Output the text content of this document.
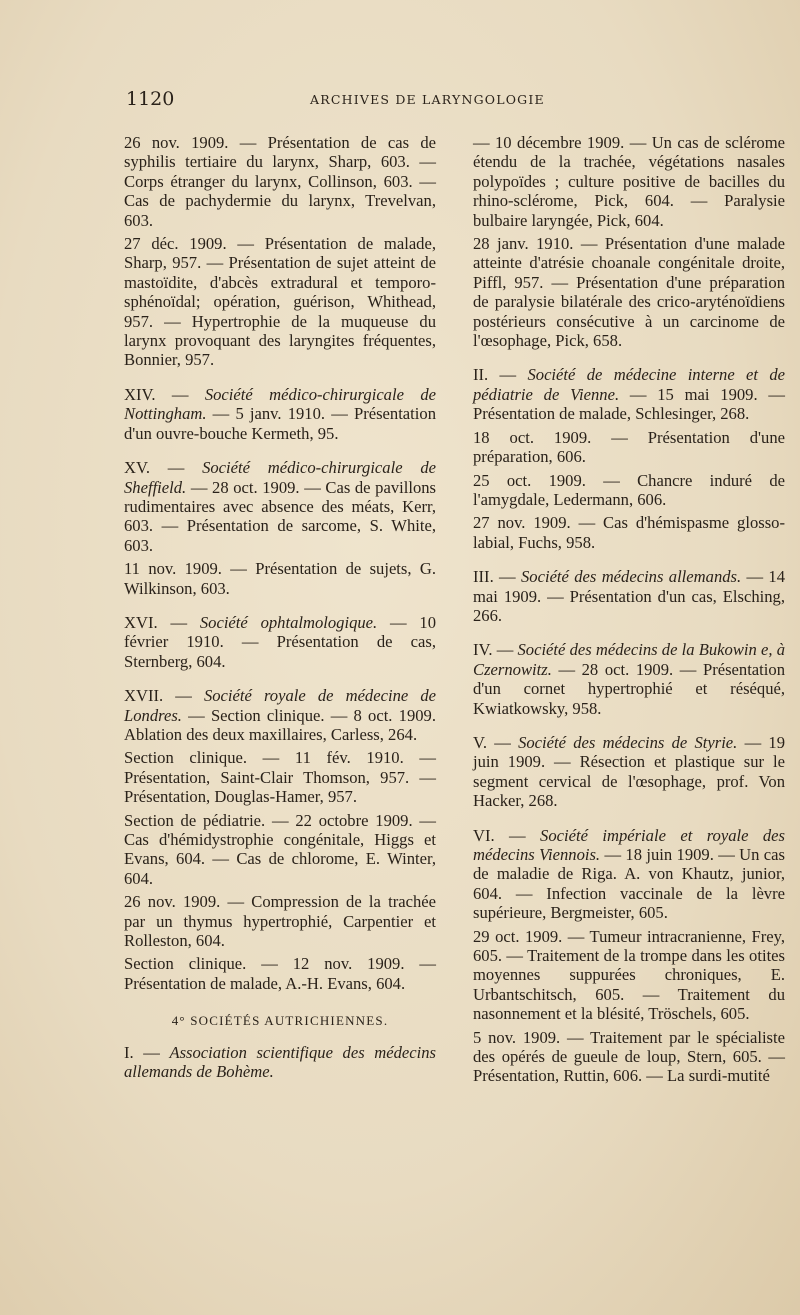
1120	ARCHIVES DE LARYNGOLOGIE

26 nov. 1909. — Présentation de cas de syphilis tertiaire du larynx, Sharp, 603. — Corps étranger du larynx, Collinson, 603. — Cas de pachydermie du larynx, Trevelvan, 603.

27 déc. 1909. — Présentation de malade, Sharp, 957. — Présentation de sujet atteint de mastoïdite, d'abcès extradural et temporo-sphénoïdal; opération, guérison, Whithead, 957. — Hypertrophie de la muqueuse du larynx provoquant des laryngites fréquentes, Bonnier, 957.

XIV. — Société médico-chirurgicale de Nottingham. — 5 janv. 1910. — Présentation d'un ouvre-bouche Kermeth, 95.

XV. — Société médico-chirurgicale de Sheffield. — 28 oct. 1909. — Cas de pavillons rudimentaires avec absence des méats, Kerr, 603. — Présentation de sarcome, S. White, 603.

11 nov. 1909. — Présentation de sujets, G. Wilkinson, 603.

XVI. — Société ophtalmologique. — 10 février 1910. — Présentation de cas, Sternberg, 604.

XVII. — Société royale de médecine de Londres. — Section clinique. — 8 oct. 1909. Ablation des deux maxillaires, Carless, 264.

Section clinique. — 11 fév. 1910. — Présentation, Saint-Clair Thomson, 957. — Présentation, Douglas-Hamer, 957.

Section de pédiatrie. — 22 octobre 1909. — Cas d'hémidystrophie congénitale, Higgs et Evans, 604. — Cas de chlorome, E. Winter, 604.

26 nov. 1909. — Compression de la trachée par un thymus hypertrophié, Carpentier et Rolleston, 604.

Section clinique. — 12 nov. 1909. — Présentation de malade, A.-H. Evans, 604.

4° SOCIÉTÉS AUTRICHIENNES.

I. — Association scientifique des médecins allemands de Bohème.

— 10 décembre 1909. — Un cas de sclérome étendu de la trachée, végétations nasales polypoïdes ; culture positive de bacilles du rhino-sclérome, Pick, 604. — Paralysie bulbaire laryngée, Pick, 604.

28 janv. 1910. — Présentation d'une malade atteinte d'atrésie choanale congénitale droite, Piffl, 957. — Présentation d'une préparation de paralysie bilatérale des crico-aryténoïdiens postérieurs consécutive à un carcinome de l'œsophage, Pick, 658.

II. — Société de médecine interne et de pédiatrie de Vienne. — 15 mai 1909. — Présentation de malade, Schlesinger, 268.

18 oct. 1909. — Présentation d'une préparation, 606.

25 oct. 1909. — Chancre induré de l'amygdale, Ledermann, 606.

27 nov. 1909. — Cas d'hémispasme glosso-labial, Fuchs, 958.

III. — Société des médecins allemands. — 14 mai 1909. — Présentation d'un cas, Elsching, 266.

IV. — Société des médecins de la Bukowin e, à Czernowitz. — 28 oct. 1909. — Présentation d'un cornet hypertrophié et réséqué, Kwiatkowsky, 958.

V. — Société des médecins de Styrie. — 19 juin 1909. — Résection et plastique sur le segment cervical de l'œsophage, prof. Von Hacker, 268.

VI. — Société impériale et royale des médecins Viennois. — 18 juin 1909. — Un cas de maladie de Riga. A. von Khautz, junior, 604. — Infection vaccinale de la lèvre supérieure, Bergmeister, 605.

29 oct. 1909. — Tumeur intracranienne, Frey, 605. — Traitement de la trompe dans les otites moyennes suppurées chroniques, E. Urbantschitsch, 605. — Traitement du nasonnement et la blésité, Tröschels, 605.

5 nov. 1909. — Traitement par le spécialiste des opérés de gueule de loup, Stern, 605. — Présentation, Ruttin, 606. — La surdi-mutité
